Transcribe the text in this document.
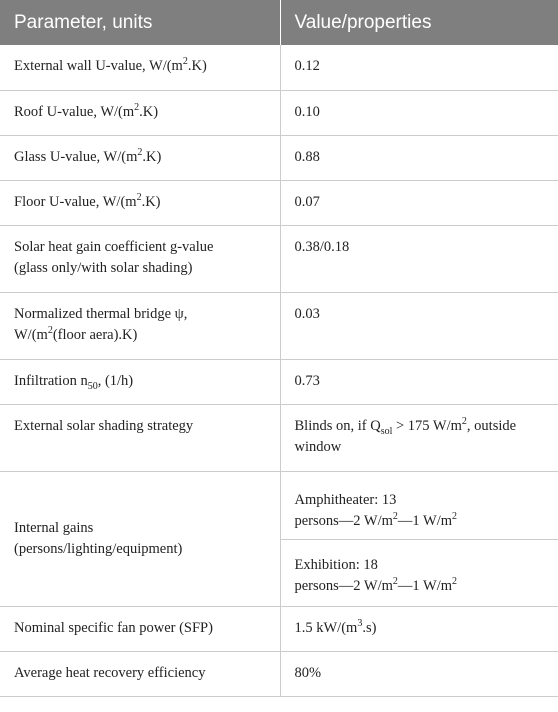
Parameter, units	Value/properties
External wall U-value, $W/(m^2.K)$	0.12
Roof U-value, $W/(m^2.K)$	0.10
Glass U-value, $W/(m^2.K)$	0.88
Floor U-value, $W/(m^2.K)$	0.07
Solar heat gain coefficient g-value
(glass only/with solar shading)	0.38/0.18
Normalized thermal bridge ψ,
$W/(m^2(floor$ aera).K)	0.03
Infiltration $n_{50}$, (1/h)	0.73
External solar shading strategy	Blinds on, if $Q_{sol} > 175$ $W/m^2$, outside
window
Internal gains
(persons/lighting/equipment)	Amphitheater: 13
persons—2 $W/m^2—1$ $W/m^2$
	Exhibition: 18
persons—2 $W/m^2—1$ $W/m^2$
Nominal specific fan power (SFP)	1.5 $kW/(m^3.s)$
Average heat recovery efficiency	80%
